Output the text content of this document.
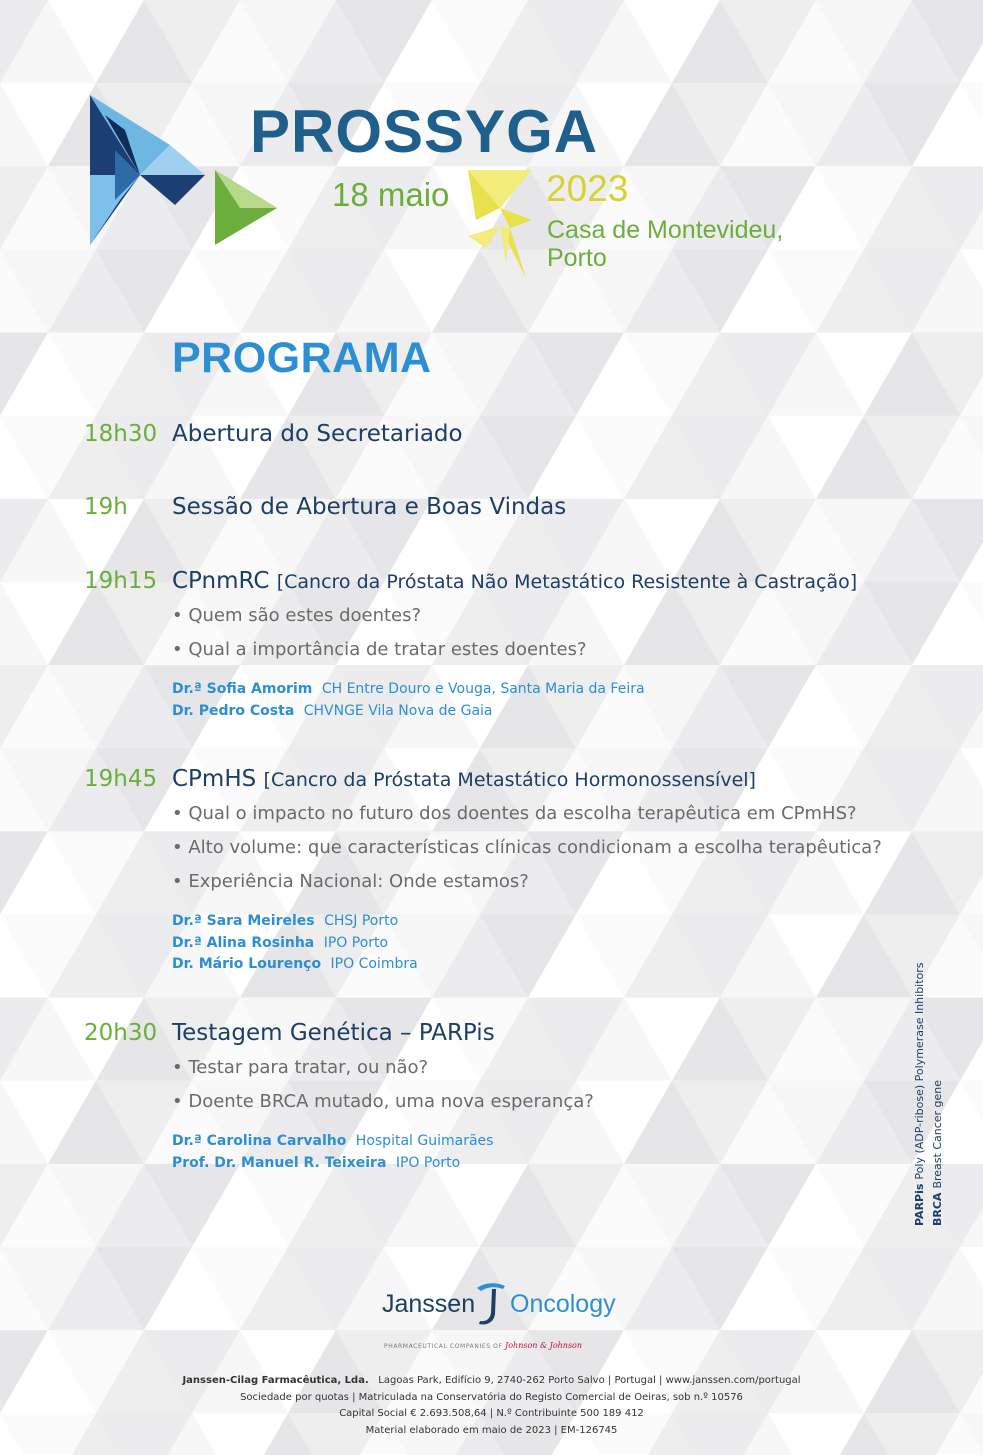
PROSSYGA
18 maio	2023
Casa de Montevideu,
Porto
PROGRAMA
18h30 Abertura do Secretariado
19h Sessão de Abertura e Boas Vindas
19h15 CPnmRC [Cancro da Próstata Não Metastático Resistente à Castração]
• Quem são estes doentes?
• Qual a importância de tratar estes doentes?
Dr.ª Sofia Amorim CH Entre Douro e Vouga, Santa Maria da Feira
Dr. Pedro Costa CHVNGE Vila Nova de Gaia
19h45 CPmHS [Cancro da Próstata Metastático Hormonossensível]
• Qual o impacto no futuro dos doentes da escolha terapêutica em CPmHS?
• Alto volume: que características clínicas condicionam a escolha terapêutica?
• Experiência Nacional: Onde estamos?
Dr.ª Sara Meireles CHSJ Porto
Dr.ª Alina Rosinha IPO Porto
Dr. Mário Lourenço IPO Coimbra
20h30 Testagem Genética – PARPis
• Testar para tratar, ou não?
• Doente BRCA mutado, uma nova esperança?
Dr.ª Carolina Carvalho Hospital Guimarães
Prof. Dr. Manuel R. Teixeira IPO Porto
PARPisPoly (ADP-ribose) Polymerase Inhibitors
BRCABreast Cancer gene
Janssen Oncology
PHARMACEUTICAL COMPANIES OF Johnson & Johnson
Janssen-Cilag Farmacêutica, Lda. Lagoas Park, Edifício 9, 2740-262 Porto Salvo | Portugal | www.janssen.com/portugal
Sociedade por quotas | Matriculada na Conservatória do Registo Comercial de Oeiras, sob n.º 10576
Capital Social € 2.693.508,64 | N.º Contribuinte 500 189 412
Material elaborado em maio de 2023 | EM-126745
